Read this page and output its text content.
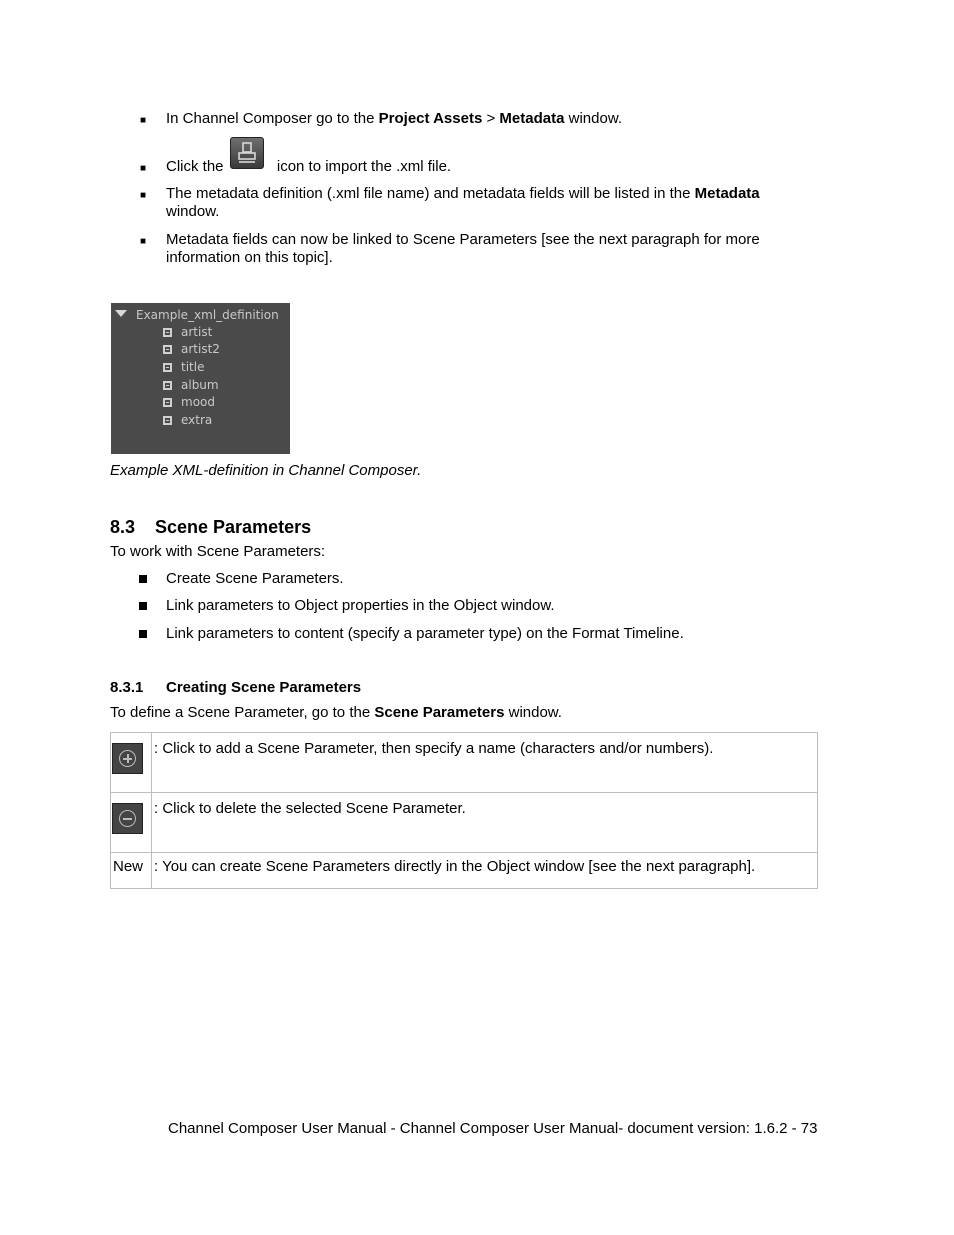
■ In Channel Composer go to the Project Assets > Metadata window.
■ Click the	icon to import the .xml file.
■ The metadata definition (.xml file name) and metadata fields will be listed in the Metadata
window.
■ Metadata fields can now be linked to Scene Parameters [see the next paragraph for more information on this topic].
Example_xml_definition
artist
artist2
title
album
mood
extra
Example XML-definition in Channel Composer.
8.3 Scene Parameters
To work with Scene Parameters:
Create Scene Parameters.
Link parameters to Object properties in the Object window.
Link parameters to content (specify a parameter type) on the Format Timeline.
8.3.1 Creating Scene Parameters
To define a Scene Parameter, go to the Scene Parameters window.
	: Click to add a Scene Parameter, then specify a name (characters and/or numbers).

	: Click to delete the selected Scene Parameter.
New	: You can create Scene Parameters directly in the Object window [see the next paragraph].
Channel Composer User Manual - Channel Composer User Manual- document version: 1.6.2 - 73
